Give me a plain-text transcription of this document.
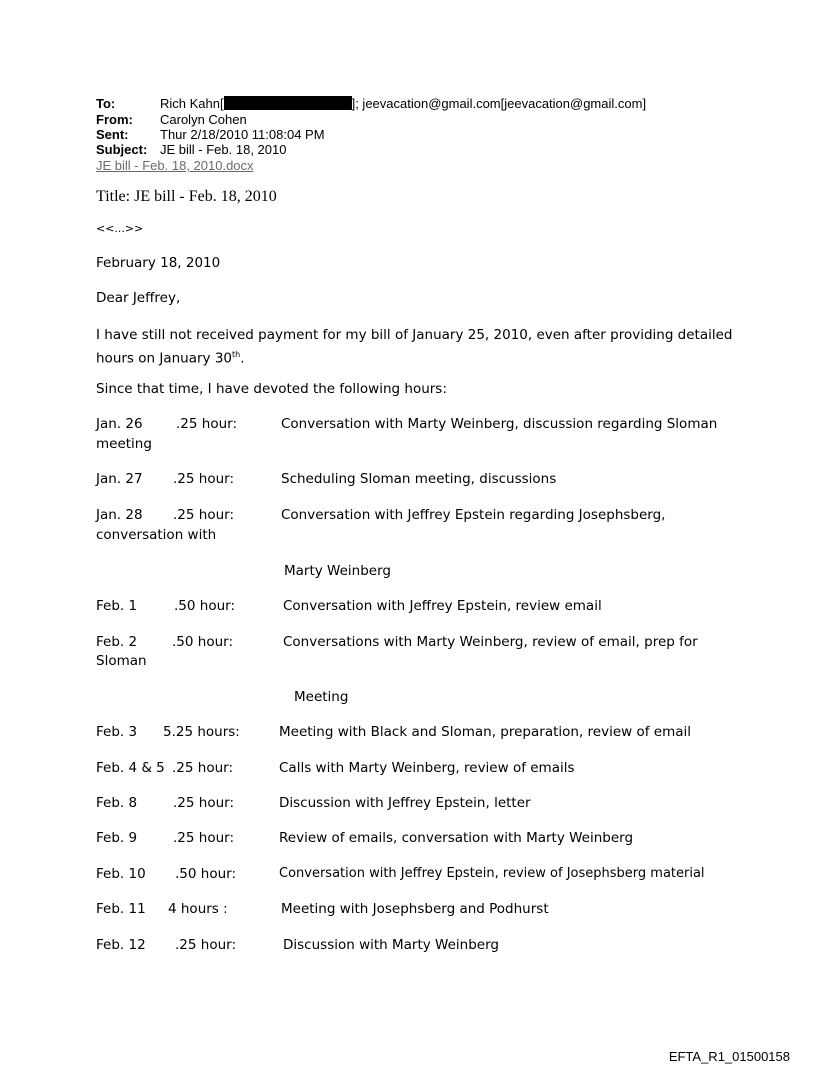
To:	Rich Kahn[	]; jeevacation@gmail.com[jeevacation@gmail.com]
From: Carolyn Cohen
Sent: Thur 2/18/2010 11:08:04 PM
Subject: JE bill - Feb. 18, 2010
JE bill - Feb. 18, 2010.docx
Title: JE bill - Feb. 18, 2010
<<...>>
February 18, 2010
Dear Jeffrey,
I have still not received payment for my bill of January 25, 2010, even after providing detailed hours on January 30th.
Since that time, I have devoted the following hours:
Jan. 26 .25 hour:	Conversation with Marty Weinberg, discussion regarding Sloman
meeting
Jan. 27 .25 hour:	Scheduling Sloman meeting, discussions
Jan. 28 .25 hour:	Conversation with Jeffrey Epstein regarding Josephsberg,
conversation with
Marty Weinberg
Feb. 1	.50 hour:	Conversation with Jeffrey Epstein, review email
Feb. 2	.50 hour:	Conversations with Marty Weinberg, review of email, prep for
Sloman
Meeting
Feb. 3 5.25 hours:	Meeting with Black and Sloman, preparation, review of email
Feb. 4 & 5 .25 hour:	Calls with Marty Weinberg, review of emails
Feb. 8	.25 hour:	Discussion with Jeffrey Epstein, letter
Feb. 9	.25 hour:	Review of emails, conversation with Marty Weinberg
Feb. 10 .50 hour:	Conversation with Jeffrey Epstein, review of Josephsberg material
Feb. 11 4 hours :	Meeting with Josephsberg and Podhurst
Feb. 12 .25 hour:	Discussion with Marty Weinberg
EFTA_R1_01500158
